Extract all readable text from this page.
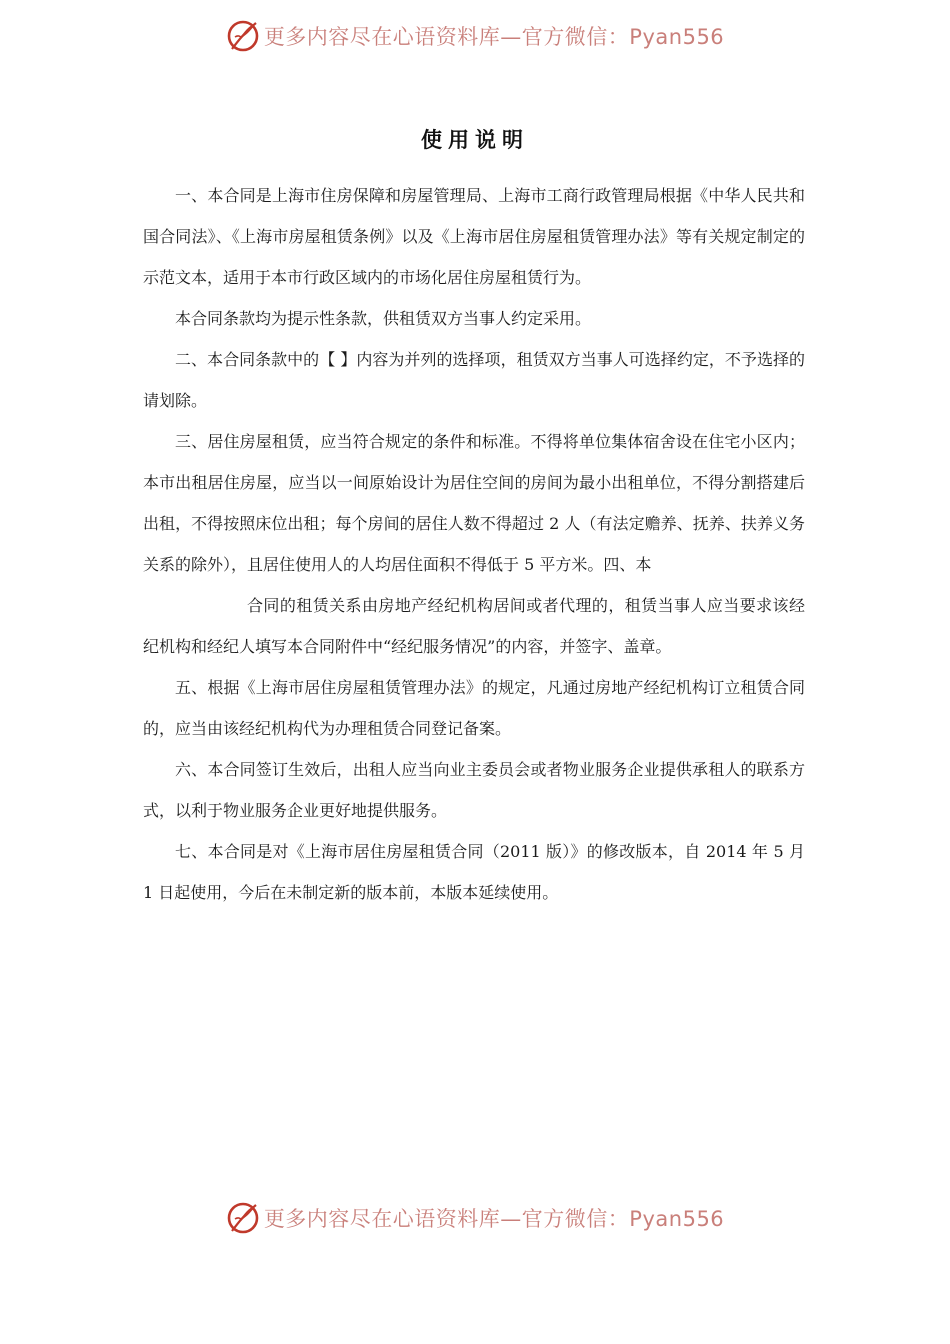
更多内容尽在心语资料库—官方微信：Pyan556
使用说明

一、本合同是上海市住房保障和房屋管理局、上海市工商行政管理局根据《中华人民共和国合同法》、《上海市房屋租赁条例》以及《上海市居住房屋租赁管理办法》等有关规定制定的示范文本，适用于本市行政区域内的市场化居住房屋租赁行为。

本合同条款均为提示性条款，供租赁双方当事人约定采用。

二、本合同条款中的【 】内容为并列的选择项，租赁双方当事人可选择约定，不予选择的请划除。

三、居住房屋租赁，应当符合规定的条件和标准。不得将单位集体宿舍设在住宅小区内；本市出租居住房屋，应当以一间原始设计为居住空间的房间为最小出租单位，不得分割搭建后出租，不得按照床位出租；每个房间的居住人数不得超过 2 人（有法定赡养、抚养、扶养义务关系的除外），且居住使用人的人均居住面积不得低于 5 平方米。四、本

合同的租赁关系由房地产经纪机构居间或者代理的，租赁当事人应当要求该经纪机构和经纪人填写本合同附件中“经纪服务情况”的内容，并签字、盖章。

五、根据《上海市居住房屋租赁管理办法》的规定，凡通过房地产经纪机构订立租赁合同的，应当由该经纪机构代为办理租赁合同登记备案。

六、本合同签订生效后，出租人应当向业主委员会或者物业服务企业提供承租人的联系方式，以利于物业服务企业更好地提供服务。

七、本合同是对《上海市居住房屋租赁合同（2011 版）》的修改版本，自 2014 年 5 月 1 日起使用，今后在未制定新的版本前，本版本延续使用。

更多内容尽在心语资料库—官方微信：Pyan556
